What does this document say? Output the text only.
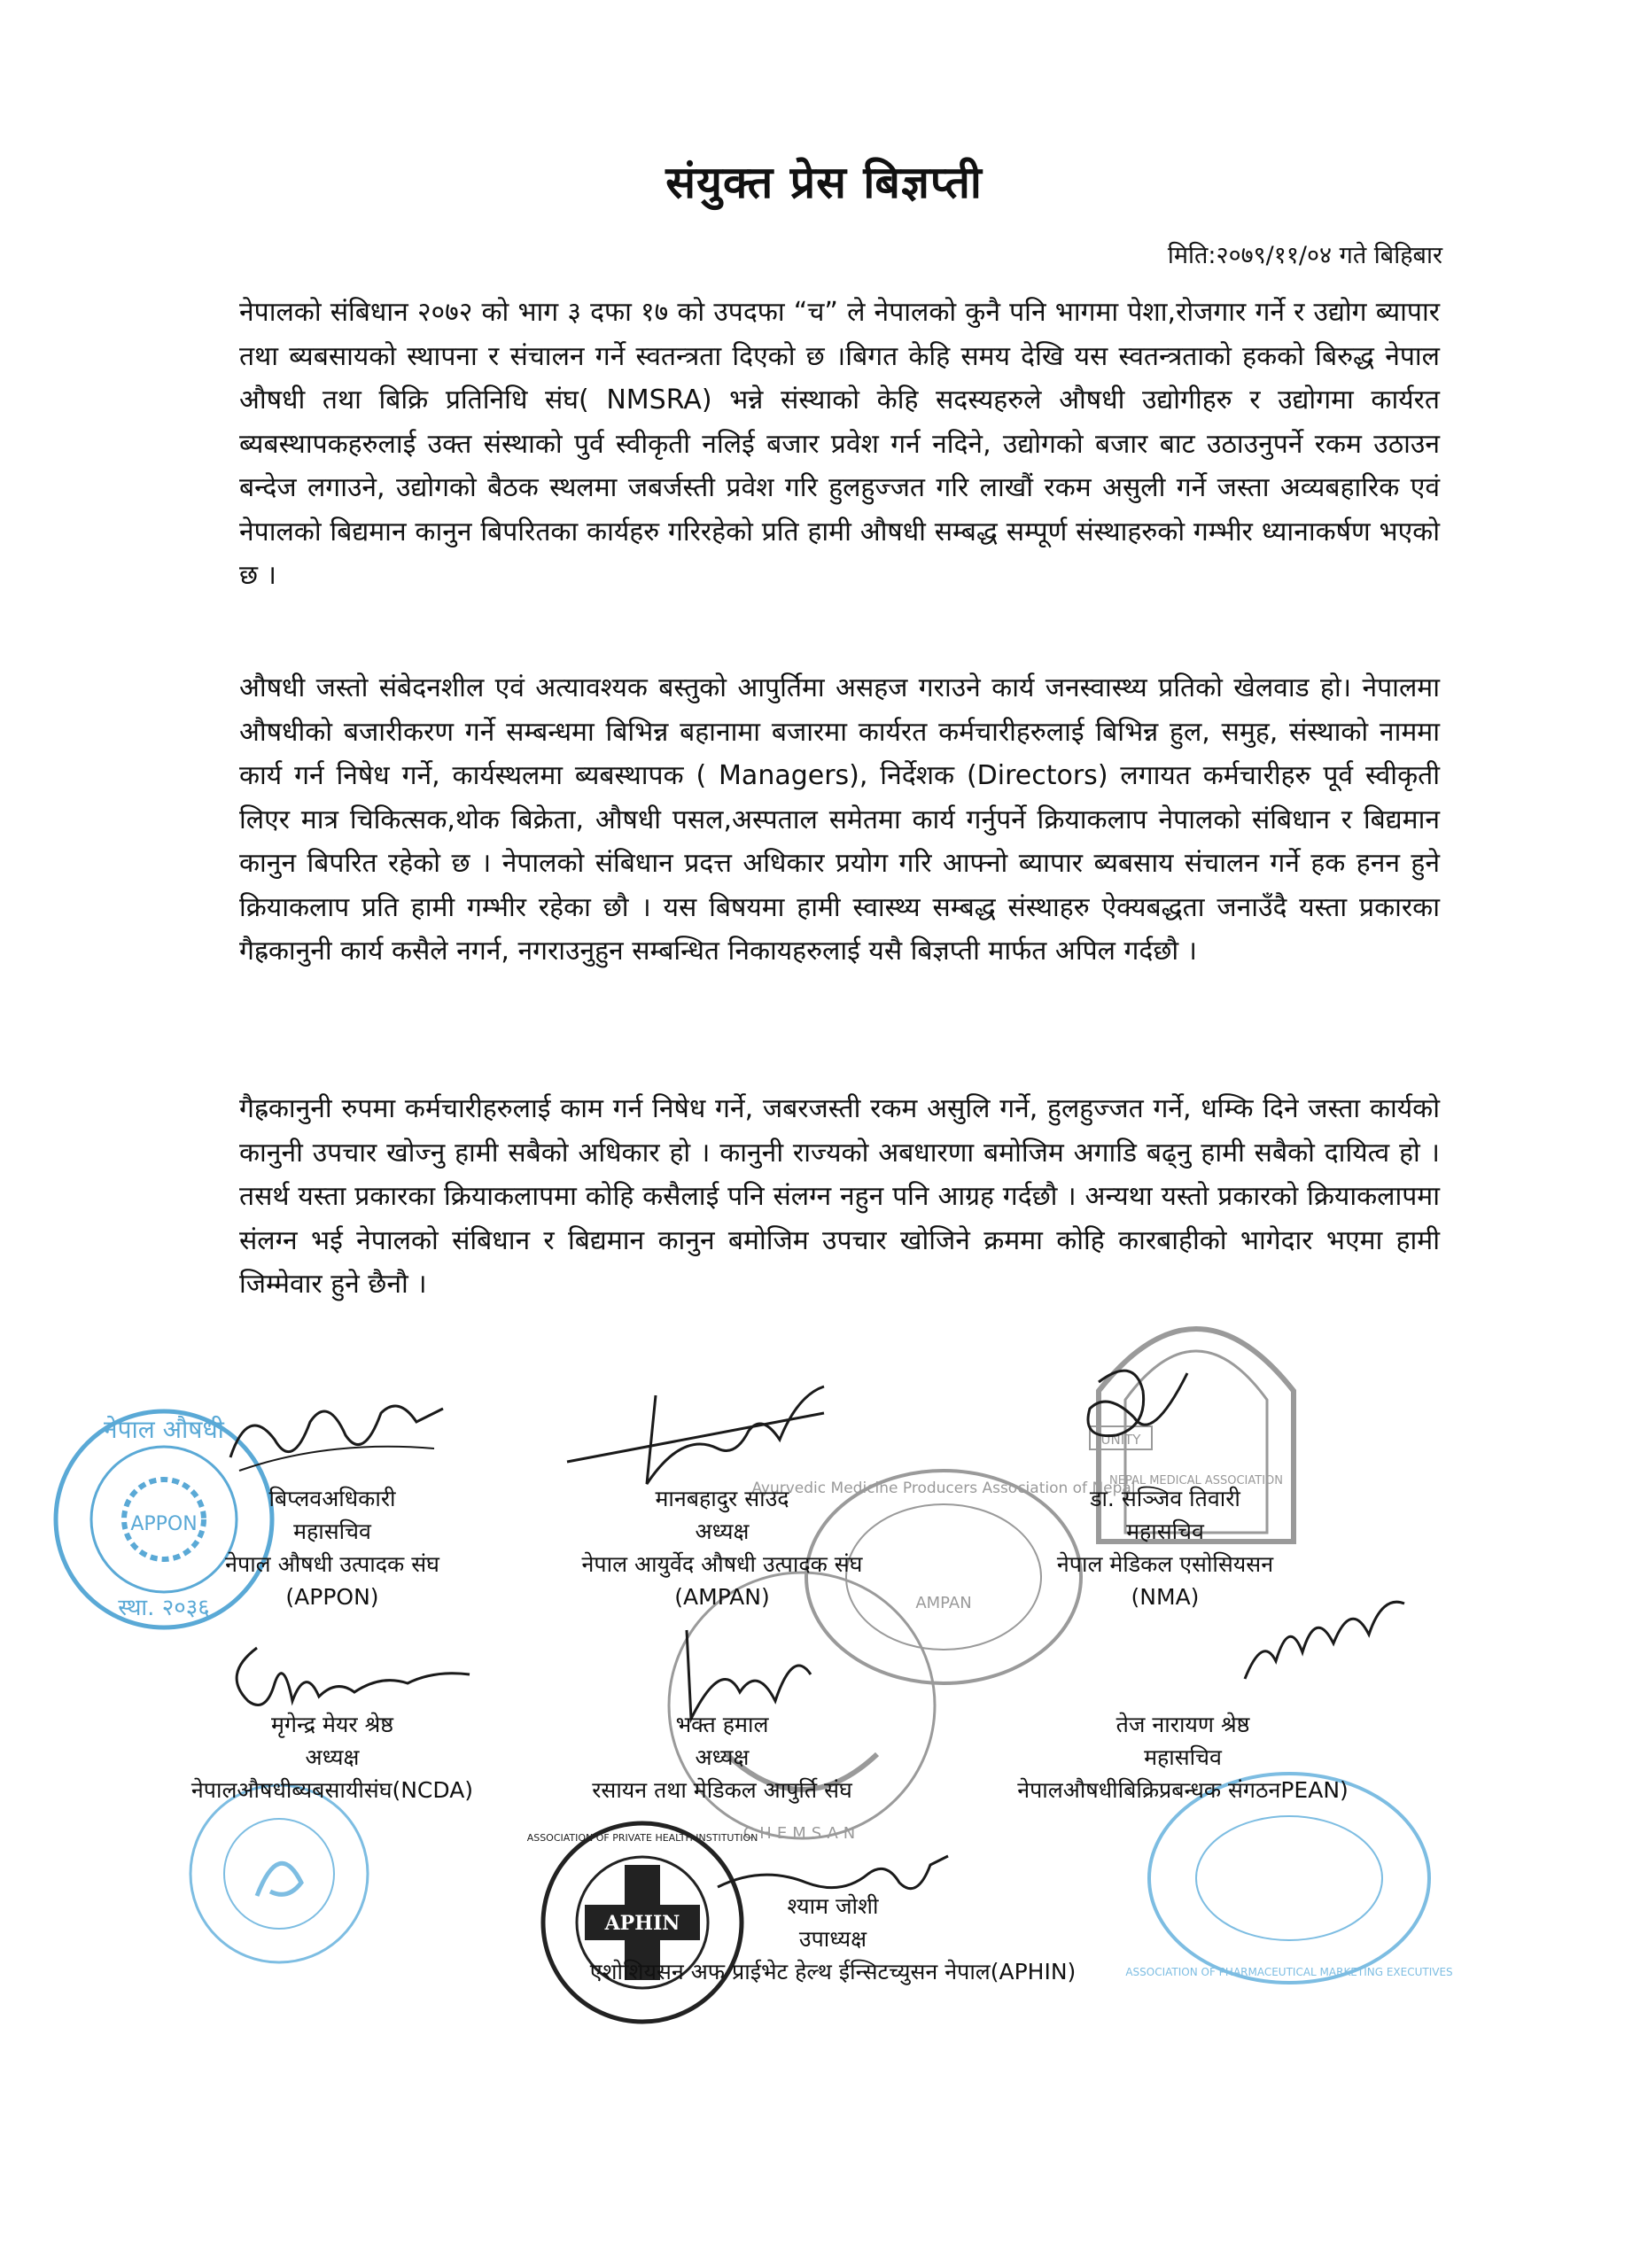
APPON
नेपाल औषधी
स्था. २०३६
UNITY
NEPAL MEDICAL ASSOCIATION
Ayurvedic Medicine Producers Association of Nepal
AMPAN
CHEMSAN
ASSOCIATION OF PHARMACEUTICAL MARKETING EXECUTIVES
APHIN
ASSOCIATION OF PRIVATE HEALTH INSTITUTION
संयुक्त प्रेस बिज्ञप्ती
मिति:२०७९/११/०४ गते बिहिबार
नेपालको संबिधान २०७२ को भाग ३ दफा १७ को उपदफा “च” ले नेपालको कुनै पनि भागमा पेशा,रोजगार गर्ने र उद्योग ब्यापार तथा ब्यबसायको स्थापना र संचालन गर्ने स्वतन्त्रता दिएको छ ।बिगत केहि समय देखि यस स्वतन्त्रताको हकको बिरुद्ध नेपाल औषधी तथा बिक्रि प्रतिनिधि संघ( NMSRA) भन्ने संस्थाको केहि सदस्यहरुले औषधी उद्योगीहरु र उद्योगमा कार्यरत ब्यबस्थापकहरुलाई उक्त संस्थाको पुर्व स्वीकृती नलिई बजार प्रवेश गर्न नदिने, उद्योगको बजार बाट उठाउनुपर्ने रकम उठाउन बन्देज लगाउने, उद्योगको बैठक स्थलमा जबर्जस्ती प्रवेश गरि हुलहुज्जत गरि लाखौं रकम असुली गर्ने जस्ता अव्यबहारिक एवं नेपालको बिद्यमान कानुन बिपरितका कार्यहरु गरिरहेको प्रति हामी औषधी सम्बद्ध सम्पूर्ण संस्थाहरुको गम्भीर ध्यानाकर्षण भएको छ ।
औषधी जस्तो संबेदनशील एवं अत्यावश्यक बस्तुको आपुर्तिमा असहज गराउने कार्य जनस्वास्थ्य प्रतिको खेलवाड हो। नेपालमा औषधीको बजारीकरण गर्ने सम्बन्धमा बिभिन्न बहानामा बजारमा कार्यरत कर्मचारीहरुलाई बिभिन्न हुल, समुह, संस्थाको नाममा कार्य गर्न निषेध गर्ने, कार्यस्थलमा ब्यबस्थापक ( Managers), निर्देशक (Directors) लगायत कर्मचारीहरु पूर्व स्वीकृती लिएर मात्र चिकित्सक,थोक बिक्रेता, औषधी पसल,अस्पताल समेतमा कार्य गर्नुपर्ने क्रियाकलाप नेपालको संबिधान र बिद्यमान कानुन बिपरित रहेको छ । नेपालको संबिधान प्रदत्त अधिकार प्रयोग गरि आफ्नो ब्यापार ब्यबसाय संचालन गर्ने हक हनन हुने क्रियाकलाप प्रति हामी गम्भीर रहेका छौ । यस बिषयमा हामी स्वास्थ्य सम्बद्ध संस्थाहरु ऐक्यबद्धता जनाउँदै यस्ता प्रकारका गैह्रकानुनी कार्य कसैले नगर्न, नगराउनुहुन सम्बन्धित निकायहरुलाई यसै बिज्ञप्ती मार्फत अपिल गर्दछौ ।
गैह्रकानुनी रुपमा कर्मचारीहरुलाई काम गर्न निषेध गर्ने, जबरजस्ती रकम असुलि गर्ने, हुलहुज्जत गर्ने, धम्कि दिने जस्ता कार्यको कानुनी उपचार खोज्नु हामी सबैको अधिकार हो । कानुनी राज्यको अबधारणा बमोजिम अगाडि बढ्नु हामी सबैको दायित्व हो । तसर्थ यस्ता प्रकारका क्रियाकलापमा कोहि कसैलाई पनि संलग्न नहुन पनि आग्रह गर्दछौ । अन्यथा यस्तो प्रकारको क्रियाकलापमा संलग्न भई नेपालको संबिधान र बिद्यमान कानुन बमोजिम उपचार खोजिने क्रममा कोहि कारबाहीको भागेदार भएमा हामी जिम्मेवार हुने छैनौ ।
बिप्लवअधिकारी
महासचिव
नेपाल औषधी उत्पादक संघ
(APPON)
मानबहादुर साउद
अध्यक्ष
नेपाल आयुर्वेद औषधी उत्पादक संघ
(AMPAN)
डा. सञ्जिव तिवारी
महासचिव
नेपाल मेडिकल एसोसियसन
(NMA)
मृगेन्द्र मेयर श्रेष्ठ
अध्यक्ष
नेपालऔषधीब्यबसायीसंघ(NCDA)
भक्त हमाल
अध्यक्ष
रसायन तथा मेडिकल आपुर्ति संघ
तेज नारायण श्रेष्ठ
महासचिव
नेपालऔषधीबिक्रिप्रबन्धक संगठनPEAN)
श्याम जोशी
उपाध्यक्ष
एशोशियसन अफ प्राईभेट हेल्थ ईन्सिटच्युसन नेपाल(APHIN)
